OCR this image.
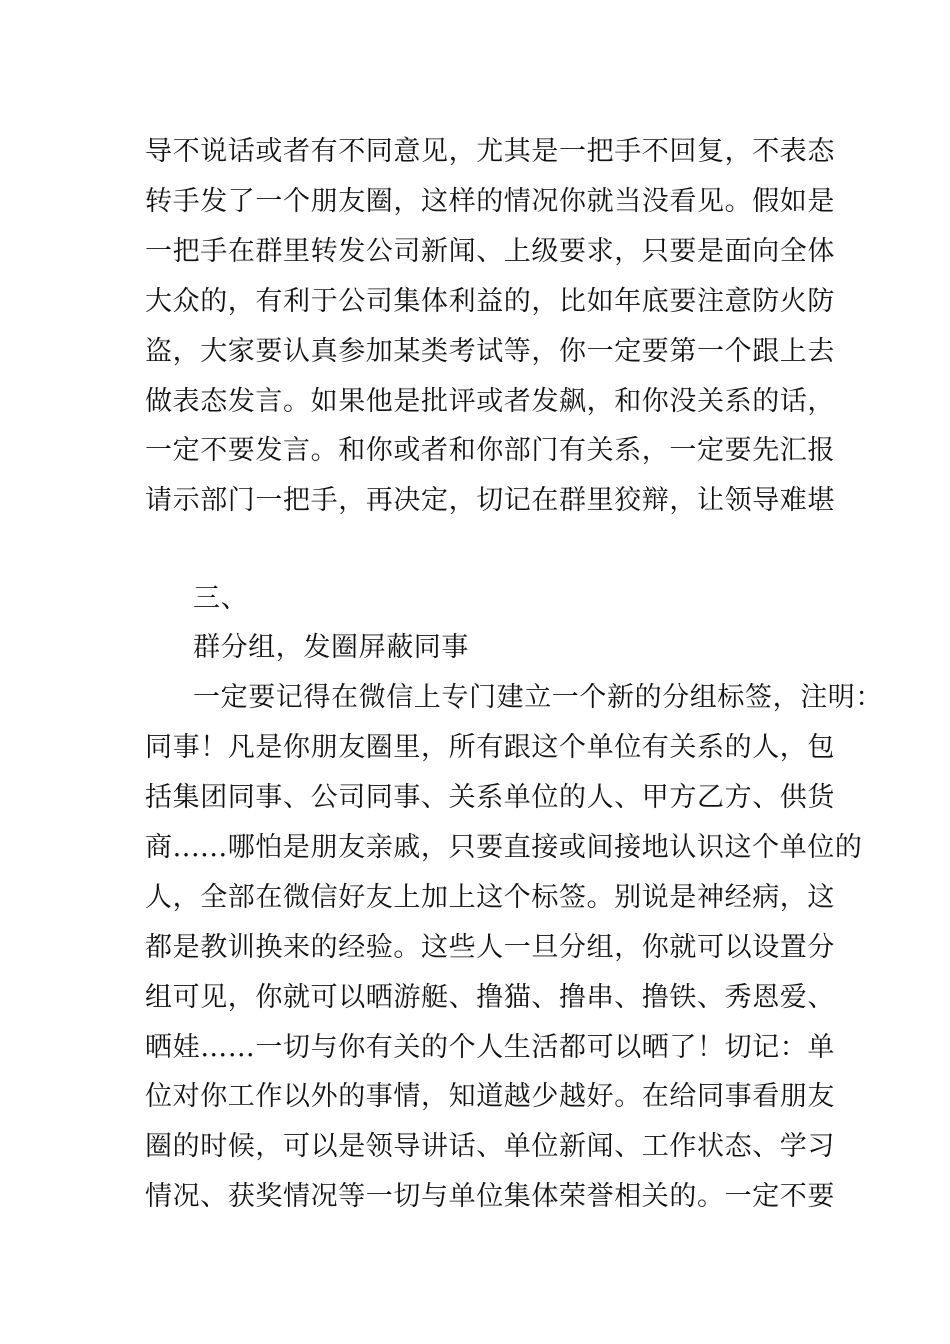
导不说话或者有不同意见，尤其是一把手不回复，不表态
转手发了一个朋友圈，这样的情况你就当没看见。假如是
一把手在群里转发公司新闻、上级要求，只要是面向全体
大众的，有利于公司集体利益的，比如年底要注意防火防
盗，大家要认真参加某类考试等，你一定要第一个跟上去
做表态发言。如果他是批评或者发飙，和你没关系的话，
一定不要发言。和你或者和你部门有关系，一定要先汇报
请示部门一把手，再决定，切记在群里狡辩，让领导难堪
三、
群分组，发圈屏蔽同事
一定要记得在微信上专门建立一个新的分组标签，注明：
同事！凡是你朋友圈里，所有跟这个单位有关系的人，包
括集团同事、公司同事、关系单位的人、甲方乙方、供货
商......哪怕是朋友亲戚，只要直接或间接地认识这个单位的
人，全部在微信好友上加上这个标签。别说是神经病，这
都是教训换来的经验。这些人一旦分组，你就可以设置分
组可见，你就可以晒游艇、撸猫、撸串、撸铁、秀恩爱、
晒娃……一切与你有关的个人生活都可以晒了！切记：单
位对你工作以外的事情，知道越少越好。在给同事看朋友
圈的时候，可以是领导讲话、单位新闻、工作状态、学习
情况、获奖情况等一切与单位集体荣誉相关的。一定不要
